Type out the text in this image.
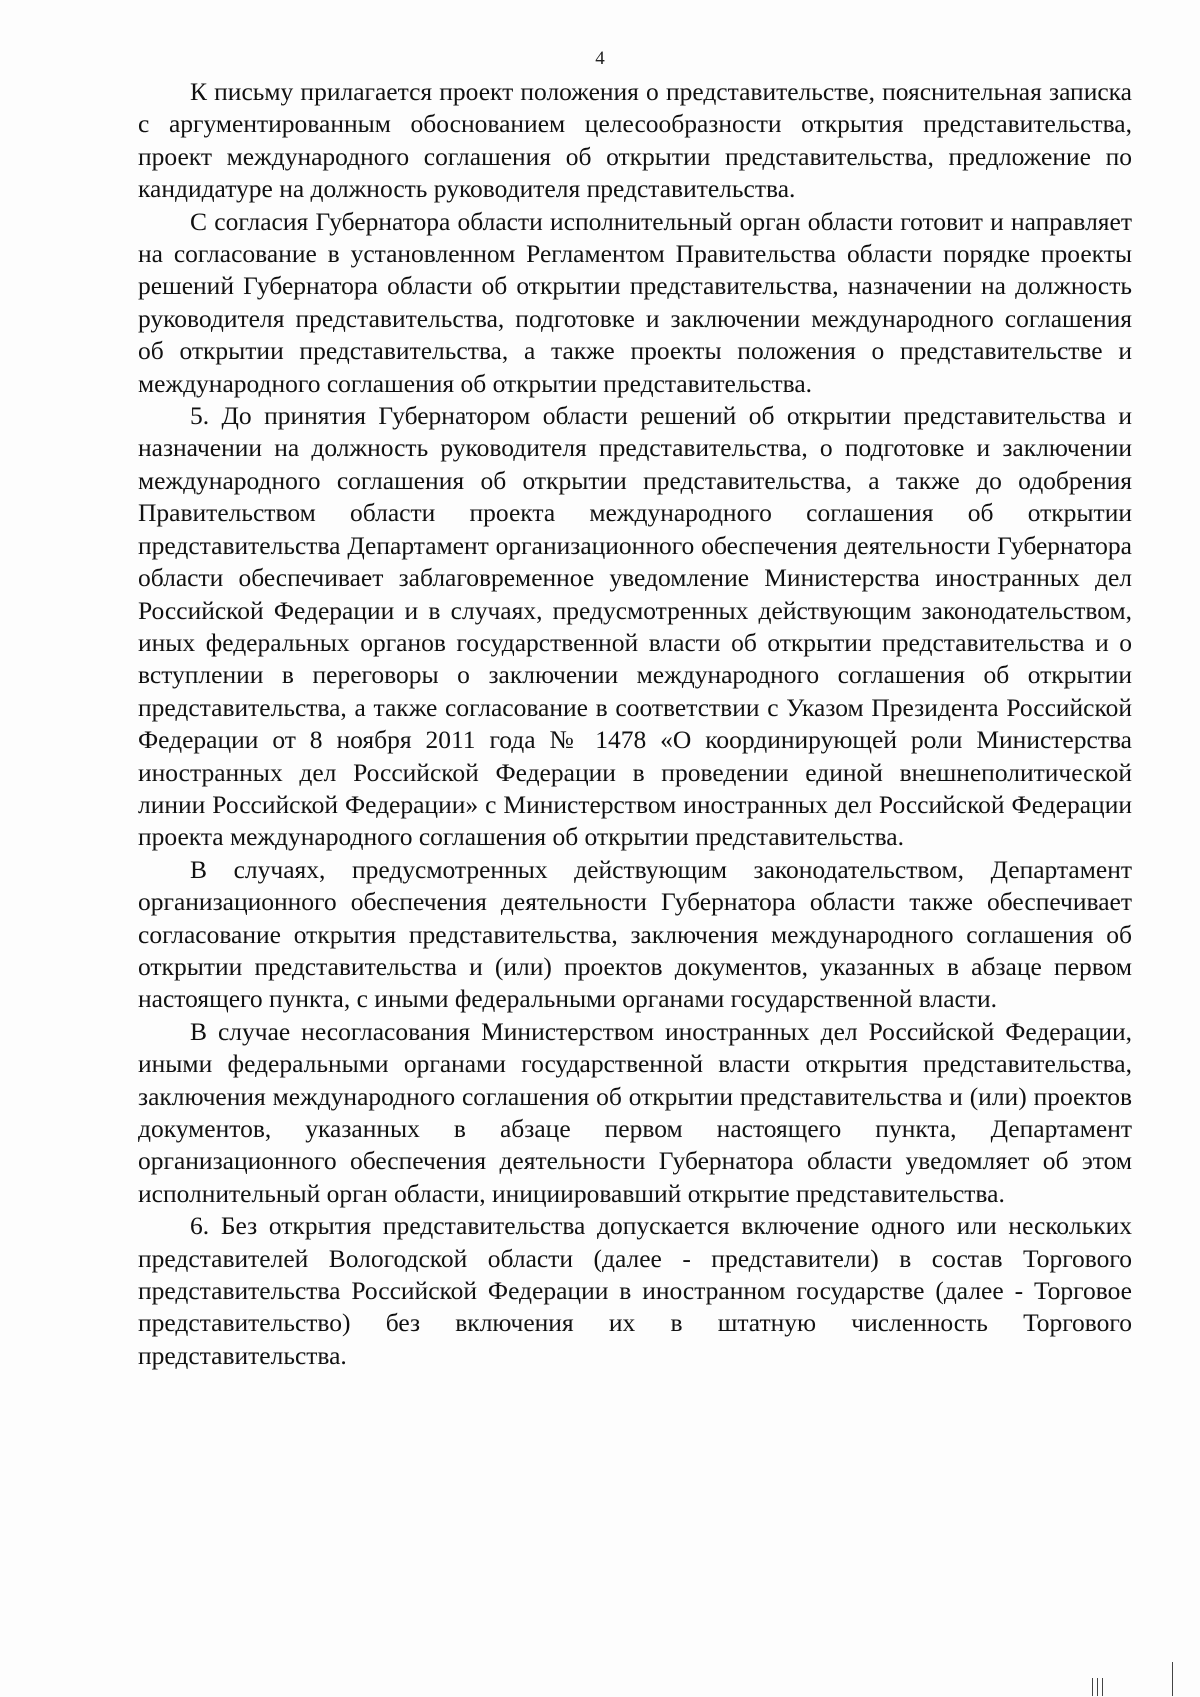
4

К письму прилагается проект положения о представительстве, пояснительная записка с аргументированным обоснованием целесообразности открытия представительства, проект международного соглашения об открытии представительства, предложение по кандидатуре на должность руководителя представительства.

С согласия Губернатора области исполнительный орган области готовит и направляет на согласование в установленном Регламентом Правительства области порядке проекты решений Губернатора области об открытии представительства, назначении на должность руководителя представительства, подготовке и заключении международного соглашения об открытии представительства, а также проекты положения о представительстве и международного соглашения об открытии представительства.

5. До принятия Губернатором области решений об открытии представительства и назначении на должность руководителя представительства, о подготовке и заключении международного соглашения об открытии представительства, а также до одобрения Правительством области проекта международного соглашения об открытии представительства Департамент организационного обеспечения деятельности Губернатора области обеспечивает заблаговременное уведомление Министерства иностранных дел Российской Федерации и в случаях, предусмотренных действующим законодательством, иных федеральных органов государственной власти об открытии представительства и о вступлении в переговоры о заключении международного соглашения об открытии представительства, а также согласование в соответствии с Указом Президента Российской Федерации от 8 ноября 2011 года № 1478 «О координирующей роли Министерства иностранных дел Российской Федерации в проведении единой внешнеполитической линии Российской Федерации» с Министерством иностранных дел Российской Федерации проекта международного соглашения об открытии представительства.

В случаях, предусмотренных действующим законодательством, Департамент организационного обеспечения деятельности Губернатора области также обеспечивает согласование открытия представительства, заключения международного соглашения об открытии представительства и (или) проектов документов, указанных в абзаце первом настоящего пункта, с иными федеральными органами государственной власти.

В случае несогласования Министерством иностранных дел Российской Федерации, иными федеральными органами государственной власти открытия представительства, заключения международного соглашения об открытии представительства и (или) проектов документов, указанных в абзаце первом настоящего пункта, Департамент организационного обеспечения деятельности Губернатора области уведомляет об этом исполнительный орган области, инициировавший открытие представительства.

6. Без открытия представительства допускается включение одного или нескольких представителей Вологодской области (далее - представители) в состав Торгового представительства Российской Федерации в иностранном государстве (далее - Торговое представительство) без включения их в штатную численность Торгового представительства.
